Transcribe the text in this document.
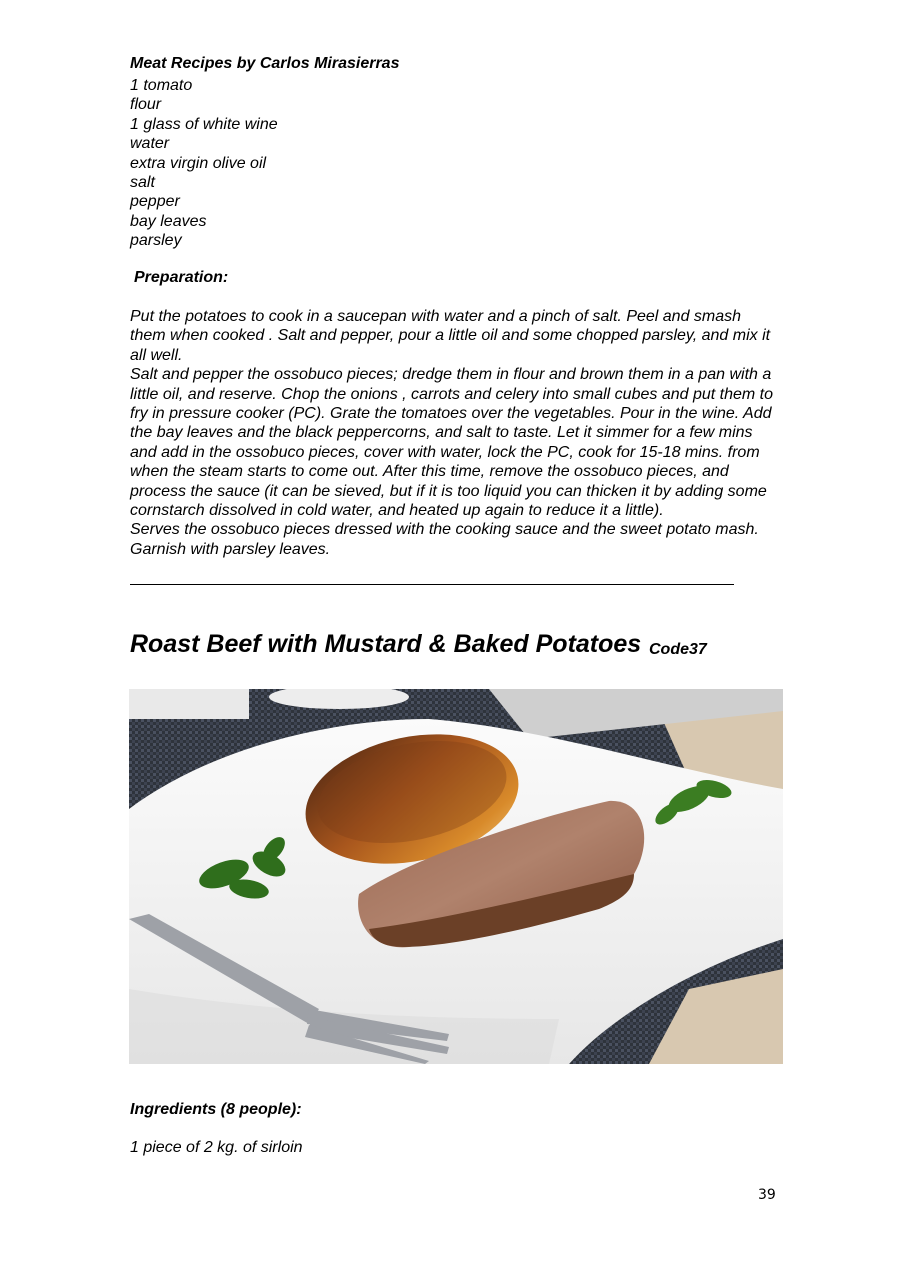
Meat Recipes by Carlos Mirasierras
1 tomato
flour
1 glass of white wine
water
extra virgin olive oil
salt
pepper
bay leaves
parsley
Preparation:

Put the potatoes to cook in a saucepan with water and a pinch of salt. Peel and smash them when cooked . Salt and pepper, pour a little oil and some chopped parsley, and mix it all well.

Salt and pepper the ossobuco pieces; dredge them in flour and brown them in a pan with a little oil, and reserve. Chop the onions , carrots and celery into small cubes and put them to fry in pressure cooker (PC). Grate the tomatoes over the vegetables. Pour in the wine. Add the bay leaves and the black peppercorns, and salt to taste. Let it simmer for a few mins and add in the ossobuco pieces, cover with water, lock the PC, cook for 15-18 mins. from when the steam starts to come out. After this time, remove the ossobuco pieces, and process the sauce (it can be sieved, but if it is too liquid you can thicken it by adding some cornstarch dissolved in cold water, and heated up again to reduce it a little).

Serves the ossobuco pieces dressed with the cooking sauce and the sweet potato mash. Garnish with parsley leaves.

Roast Beef with Mustard & Baked Potatoes Code37
Ingredients (8 people):
1 piece of 2 kg. of sirloin
39
